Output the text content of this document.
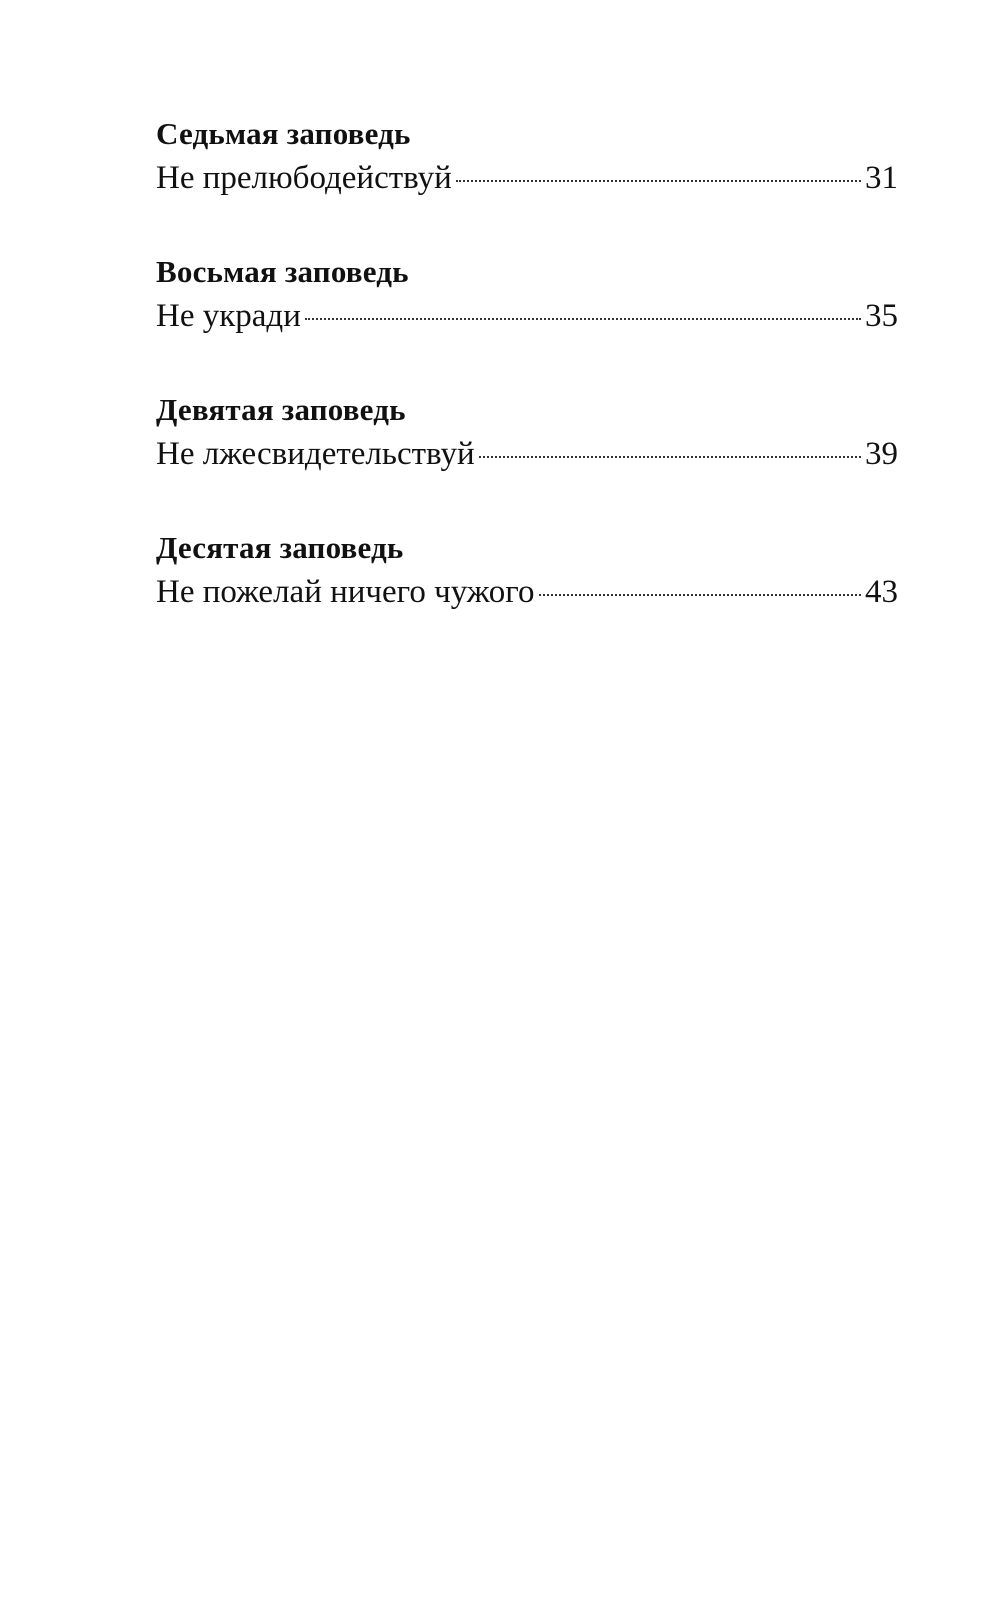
Седьмая заповедь
Не прелюбодействуй	31
Восьмая заповедь
Не укради	35
Девятая заповедь
Не лжесвидетельствуй	39
Десятая заповедь
Не пожелай ничего чужого	43
